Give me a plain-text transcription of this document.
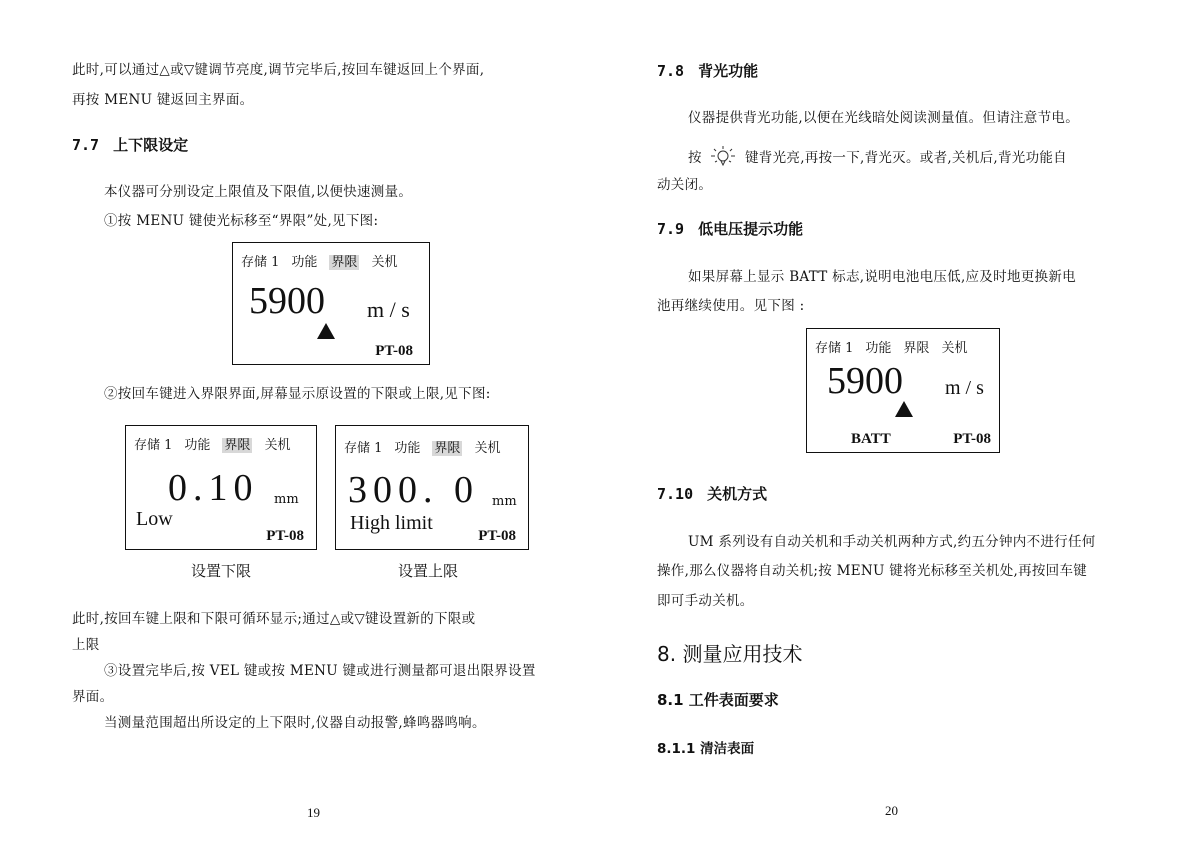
此时,可以通过△或▽键调节亮度,调节完毕后,按回车键返回上个界面,
再按 MENU 键返回主界面。
7.7 上下限设定
本仪器可分别设定上限值及下限值,以便快速测量。
①按 MENU 键使光标移至“界限”处,见下图:
存储 1 功能 界限 关机
5900 m / s
PT-08
②按回车键进入界限界面,屏幕显示原设置的下限或上限,见下图:
存储 1 功能 界限 关机
0.10 mm
Low
PT-08
存储 1 功能 界限 关机
300. 0 mm
High limit
PT-08
设置下限	设置上限
此时,按回车键上限和下限可循环显示;通过△或▽键设置新的下限或
上限
③设置完毕后,按 VEL 键或按 MENU 键或进行测量都可退出限界设置
界面。
当测量范围超出所设定的上下限时,仪器自动报警,蜂鸣器鸣响。
19
7.8 背光功能
仪器提供背光功能,以便在光线暗处阅读测量值。但请注意节电。
按	键背光亮,再按一下,背光灭。或者,关机后,背光功能自
动关闭。
7.9 低电压提示功能
如果屏幕上显示 BATT 标志,说明电池电压低,应及时地更换新电
池再继续使用。见下图 :
存储 1 功能 界限 关机
5900 m / s
BATT	PT-08
7.10 关机方式
UM 系列设有自动关机和手动关机两种方式,约五分钟内不进行任何
操作,那么仪器将自动关机;按 MENU 键将光标移至关机处,再按回车键
即可手动关机。
8. 测量应用技术
8.1 工件表面要求
8.1.1 清洁表面
20
